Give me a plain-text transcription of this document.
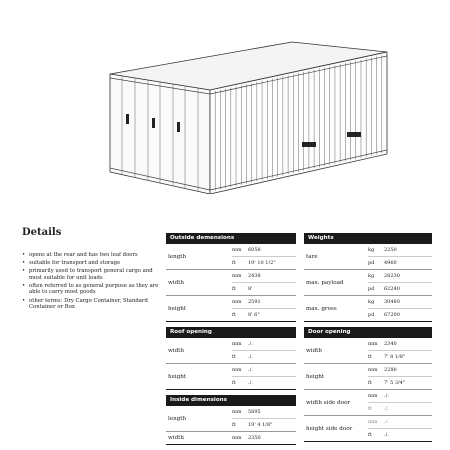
Details
• opens at the rear and has two leaf doors
• suitable for transport and storage
• primarily used to transport general cargo and most suitable for unit loads
• often referred to as general purpose as they are able to carry most goods
• other terms: Dry Cargo Container, Standard Container or Box
Outside demensions
length
mm	6058
ft	19' 10 1/2"
width
mm	2438
ft	8'
height
mm	2591
ft	8' 6"
Weights
tare
kg	2250
pd	4960
max. payload
kg	28230
pd	62240
max. gross
kg	30480
pd	67200
Roof opening
width
mm	./.
ft	./.
height
mm	./.
ft	./.
Door opening
width
mm	2340
ft	7' 8 1/8"
height
mm	2280
ft	7' 5 3/4"
width side door
mm	./.
ft	./.
height side door
mm	./.
ft	./.
Inside dimensions
length
mm	5895
ft	19' 4 1/8"
width	mm	2350
